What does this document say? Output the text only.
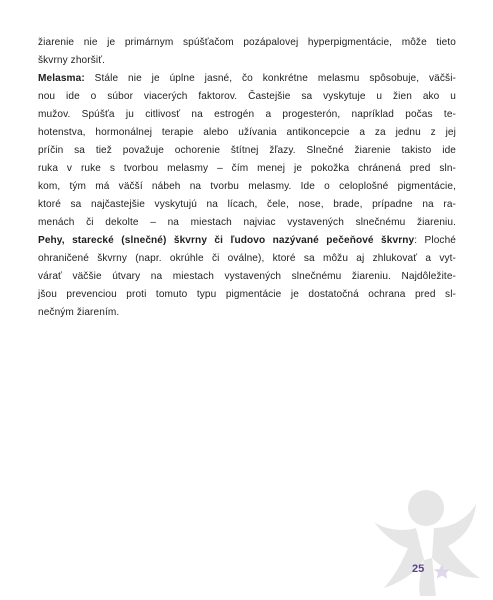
žiarenie nie je primárnym spúšťačom pozápalovej hyperpigmentácie, môže tieto
škvrny zhoršiť.
Melasma: Stále nie je úplne jasné, čo konkrétne melasmu spôsobuje, väčši-
nou ide o súbor viacerých faktorov. Častejšie sa vyskytuje u žien ako u
mužov. Spúšťa ju citlivosť na estrogén a progesterón, napríklad počas te-
hotenstva, hormonálnej terapie alebo užívania antikoncepcie a za jednu z jej
príčin sa tiež považuje ochorenie štítnej žľazy. Slnečné žiarenie takisto ide
ruka v ruke s tvorbou melasmy – čím menej je pokožka chránená pred sln-
kom, tým má väčší nábeh na tvorbu melasmy. Ide o celoplošné pigmentácie,
ktoré sa najčastejšie vyskytujú na lícach, čele, nose, brade, prípadne na ra-
menách či dekolte – na miestach najviac vystavených slnečnému žiareniu.
Pehy, starecké (slnečné) škvrny či ľudovo nazývané pečeňové škvrny: Ploché
ohraničené škvrny (napr. okrúhle či oválne), ktoré sa môžu aj zhlukovať a vyt-
várať väčšie útvary na miestach vystavených slnečnému žiareniu. Najdôležite-
jšou prevenciou proti tomuto typu pigmentácie je dostatočná ochrana pred sl-
nečným žiarením.
25
